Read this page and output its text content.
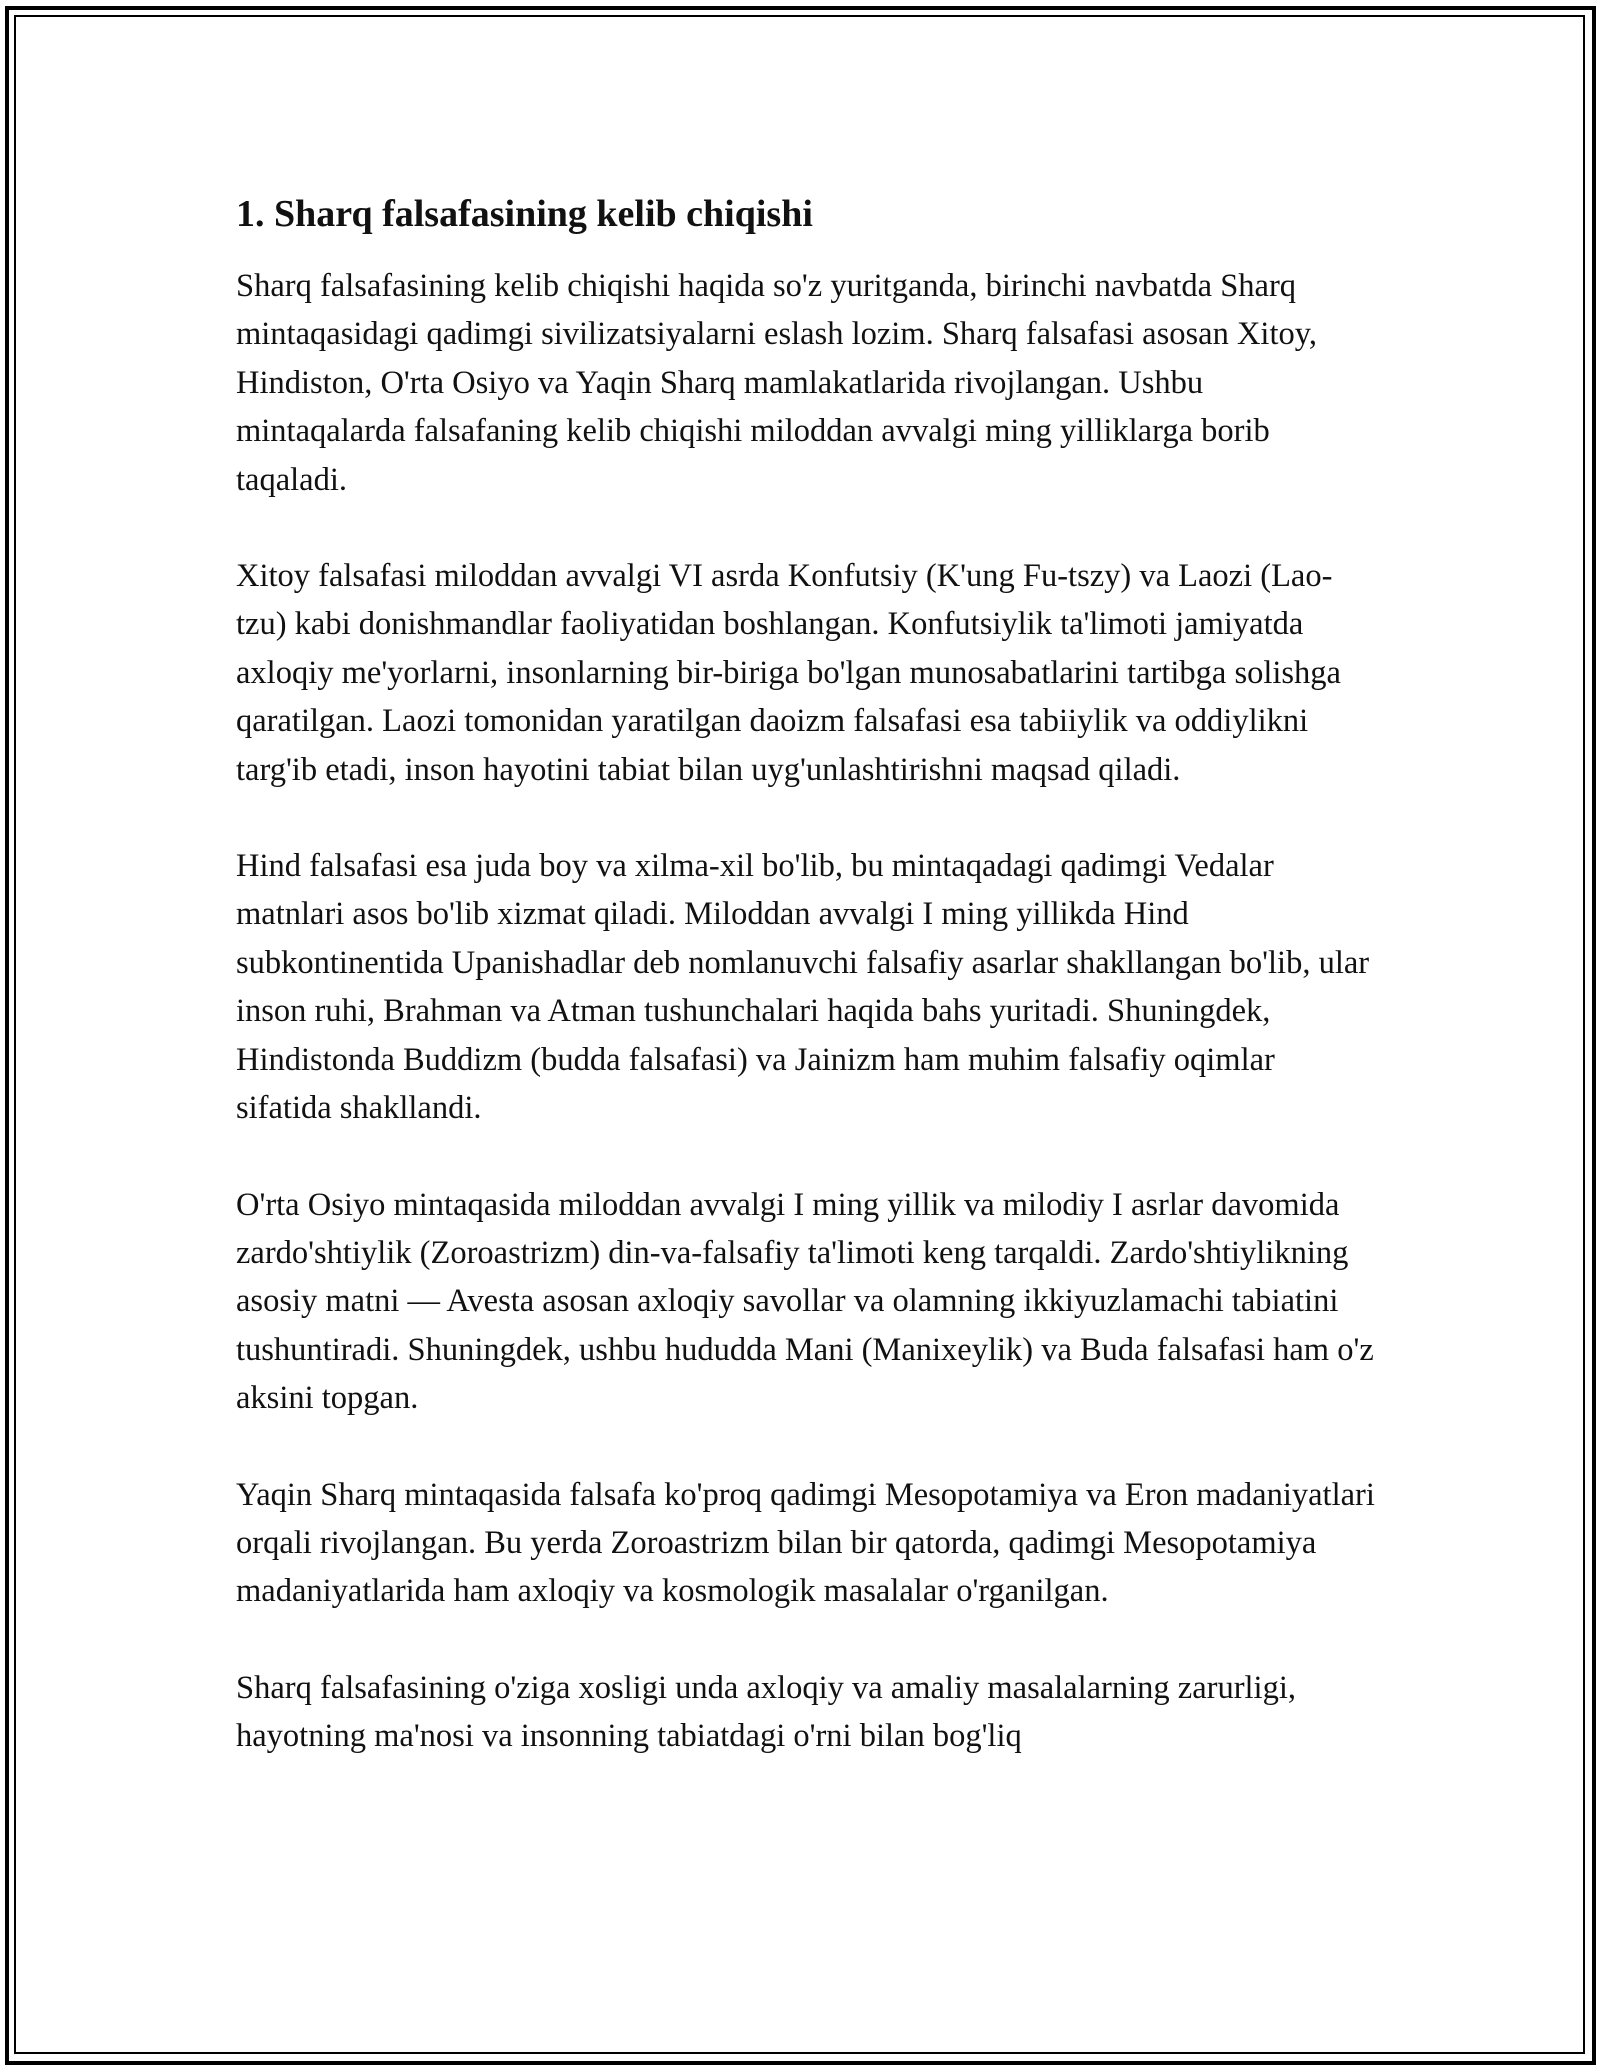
1. Sharq falsafasining kelib chiqishi

Sharq falsafasining kelib chiqishi haqida so'z yuritganda, birinchi navbatda Sharq mintaqasidagi qadimgi sivilizatsiyalarni eslash lozim. Sharq falsafasi asosan Xitoy, Hindiston, O'rta Osiyo va Yaqin Sharq mamlakatlarida rivojlangan. Ushbu mintaqalarda falsafaning kelib chiqishi miloddan avvalgi ming yilliklarga borib taqaladi.

Xitoy falsafasi miloddan avvalgi VI asrda Konfutsiy (K'ung Fu-tszy) va Laozi (Lao-tzu) kabi donishmandlar faoliyatidan boshlangan. Konfutsiylik ta'limoti jamiyatda axloqiy me'yorlarni, insonlarning bir-biriga bo'lgan munosabatlarini tartibga solishga qaratilgan. Laozi tomonidan yaratilgan daoizm falsafasi esa tabiiylik va oddiylikni targ'ib etadi, inson hayotini tabiat bilan uyg'unlashtirishni maqsad qiladi.

Hind falsafasi esa juda boy va xilma-xil bo'lib, bu mintaqadagi qadimgi Vedalar matnlari asos bo'lib xizmat qiladi. Miloddan avvalgi I ming yillikda Hind subkontinentida Upanishadlar deb nomlanuvchi falsafiy asarlar shakllangan bo'lib, ular inson ruhi, Brahman va Atman tushunchalari haqida bahs yuritadi. Shuningdek, Hindistonda Buddizm (budda falsafasi) va Jainizm ham muhim falsafiy oqimlar sifatida shakllandi.

O'rta Osiyo mintaqasida miloddan avvalgi I ming yillik va milodiy I asrlar davomida zardo'shtiylik (Zoroastrizm) din-va-falsafiy ta'limoti keng tarqaldi. Zardo'shtiylikning asosiy matni — Avesta asosan axloqiy savollar va olamning ikkiyuzlamachi tabiatini tushuntiradi. Shuningdek, ushbu hududda Mani (Manixeylik) va Buda falsafasi ham o'z aksini topgan.

Yaqin Sharq mintaqasida falsafa ko'proq qadimgi Mesopotamiya va Eron madaniyatlari orqali rivojlangan. Bu yerda Zoroastrizm bilan bir qatorda, qadimgi Mesopotamiya madaniyatlarida ham axloqiy va kosmologik masalalar o'rganilgan.

Sharq falsafasining o'ziga xosligi unda axloqiy va amaliy masalalarning zarurligi, hayotning ma'nosi va insonning tabiatdagi o'rni bilan bog'liq
